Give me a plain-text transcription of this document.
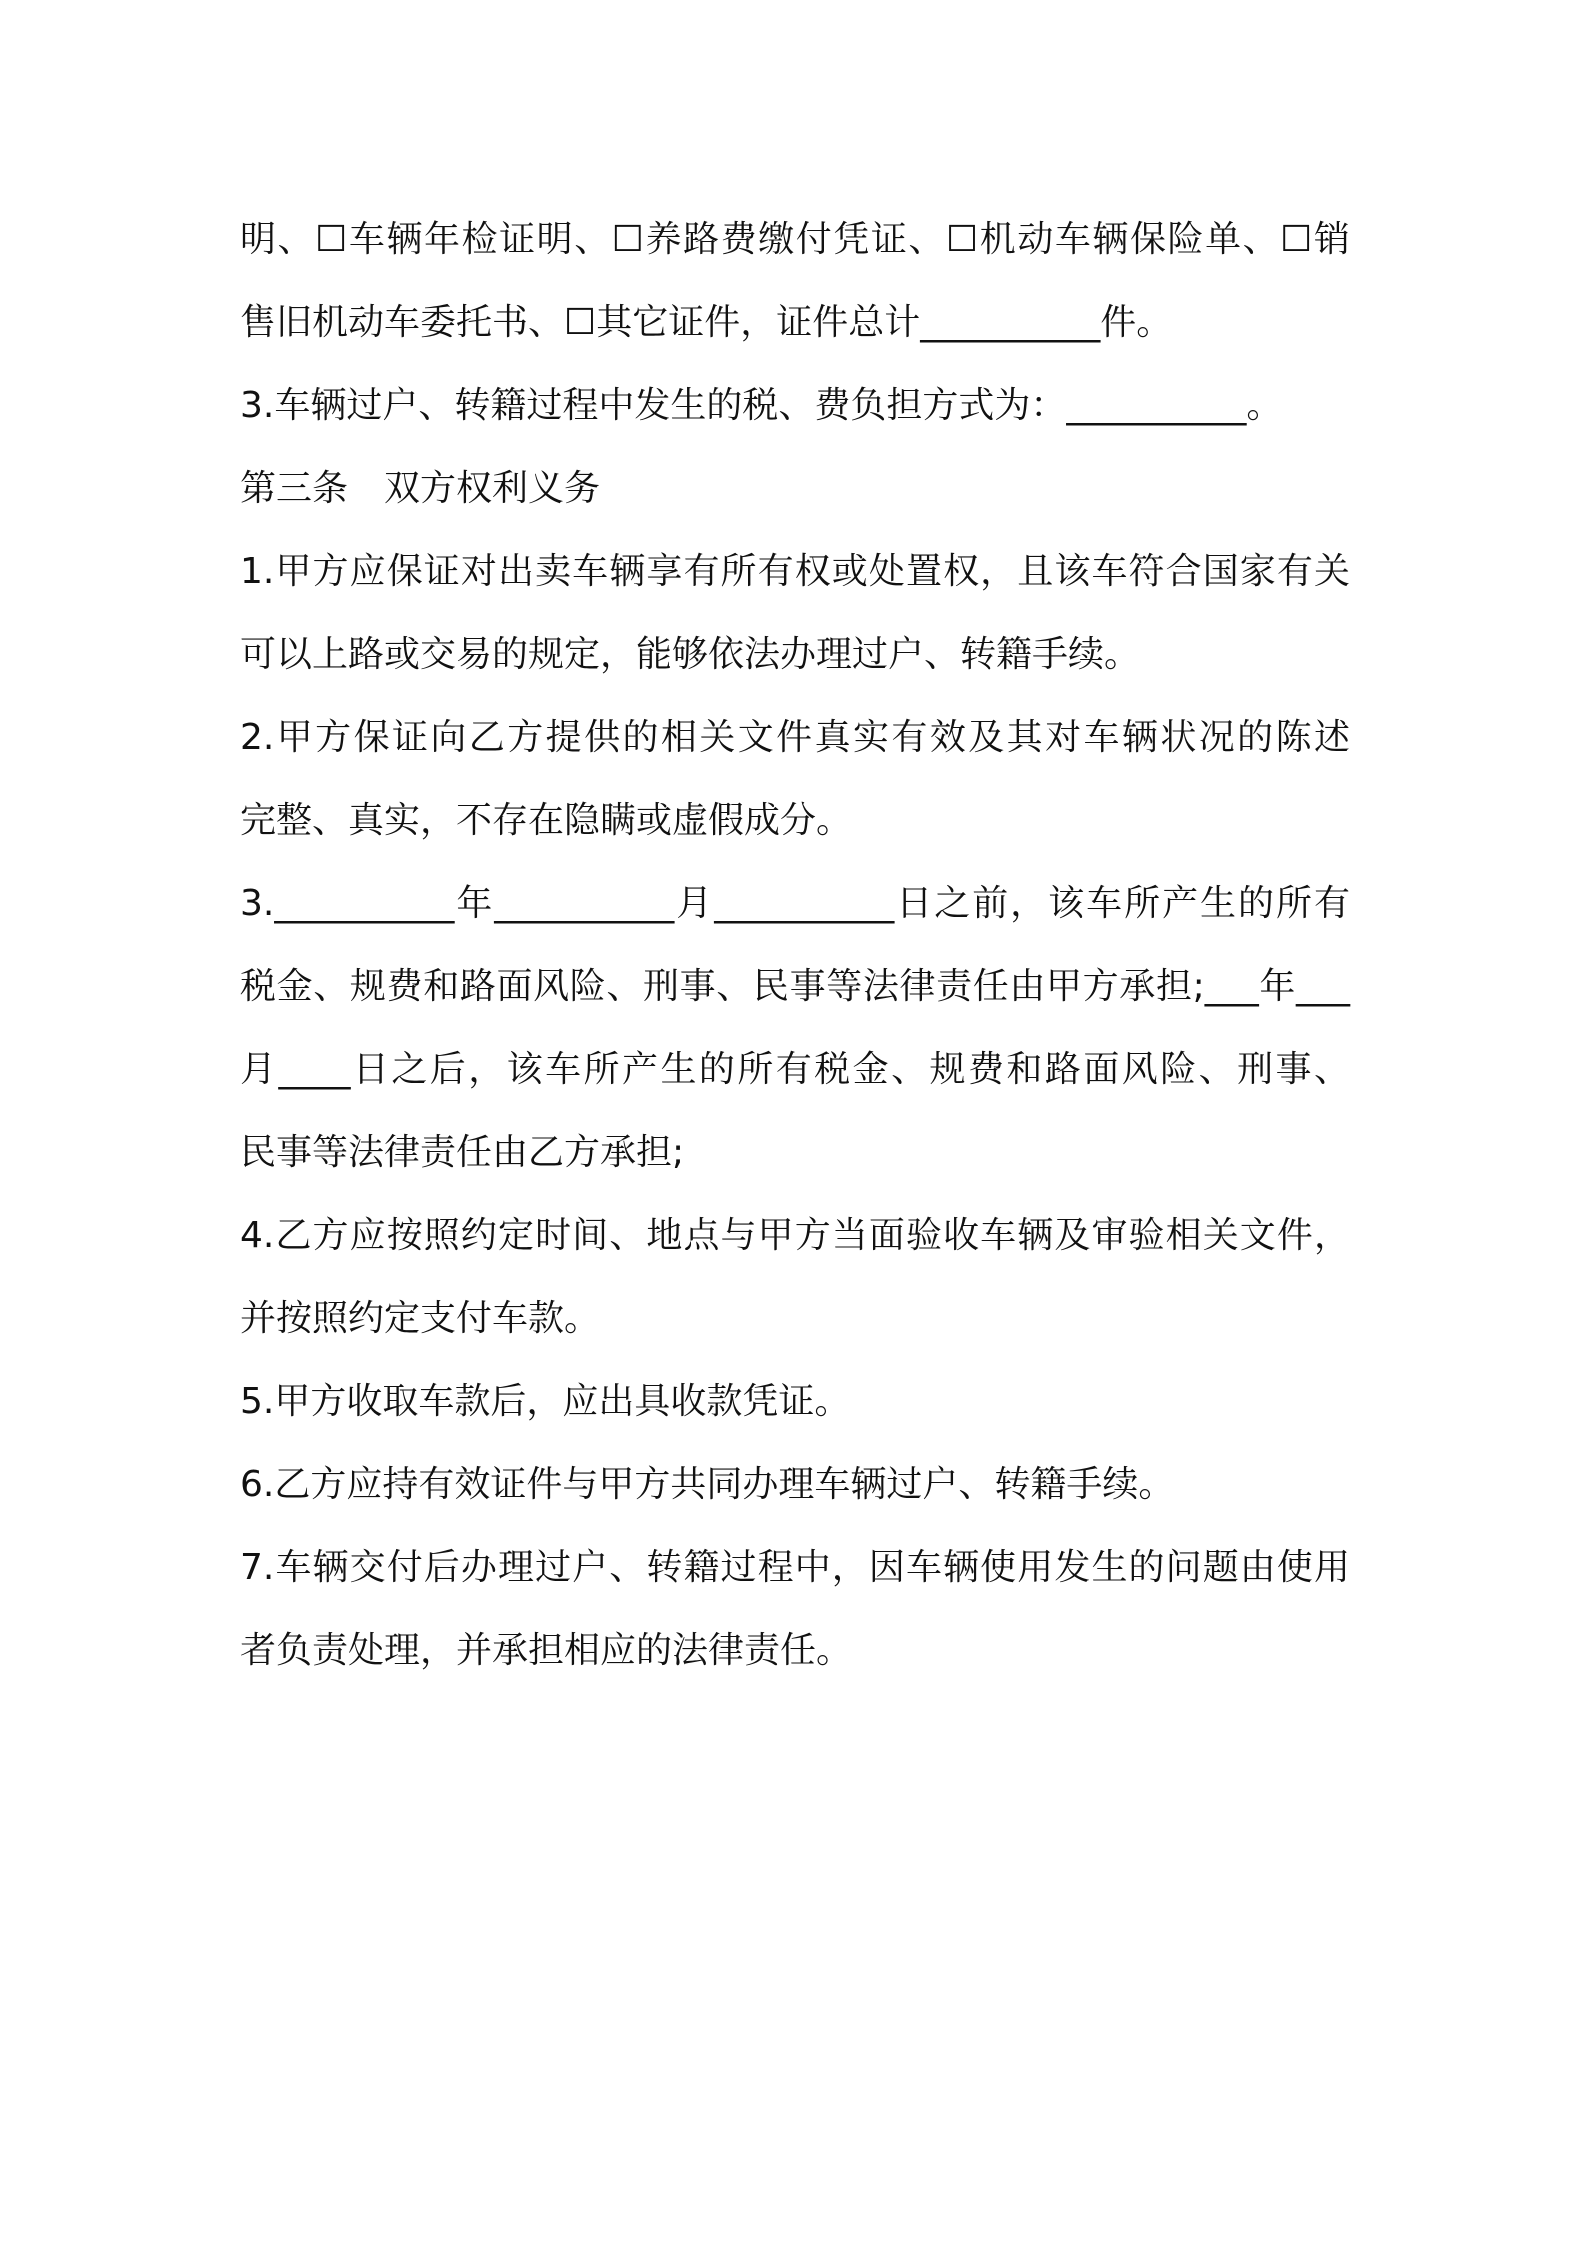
明、☐车辆年检证明、☐养路费缴付凭证、☐机动车辆保险单、☐销
售旧机动车委托书、☐其它证件，证件总计__________件。
3.车辆过户、转籍过程中发生的税、费负担方式为：__________。
第三条　双方权利义务
1.甲方应保证对出卖车辆享有所有权或处置权，且该车符合国家有关
可以上路或交易的规定，能够依法办理过户、转籍手续。
2.甲方保证向乙方提供的相关文件真实有效及其对车辆状况的陈述
完整、真实，不存在隐瞒或虚假成分。
3.__________年__________月__________日之前，该车所产生的所有
税金、规费和路面风险、刑事、民事等法律责任由甲方承担;___年___
月____日之后，该车所产生的所有税金、规费和路面风险、刑事、
民事等法律责任由乙方承担;
4.乙方应按照约定时间、地点与甲方当面验收车辆及审验相关文件，
并按照约定支付车款。
5.甲方收取车款后，应出具收款凭证。
6.乙方应持有效证件与甲方共同办理车辆过户、转籍手续。
7.车辆交付后办理过户、转籍过程中，因车辆使用发生的问题由使用
者负责处理，并承担相应的法律责任。
